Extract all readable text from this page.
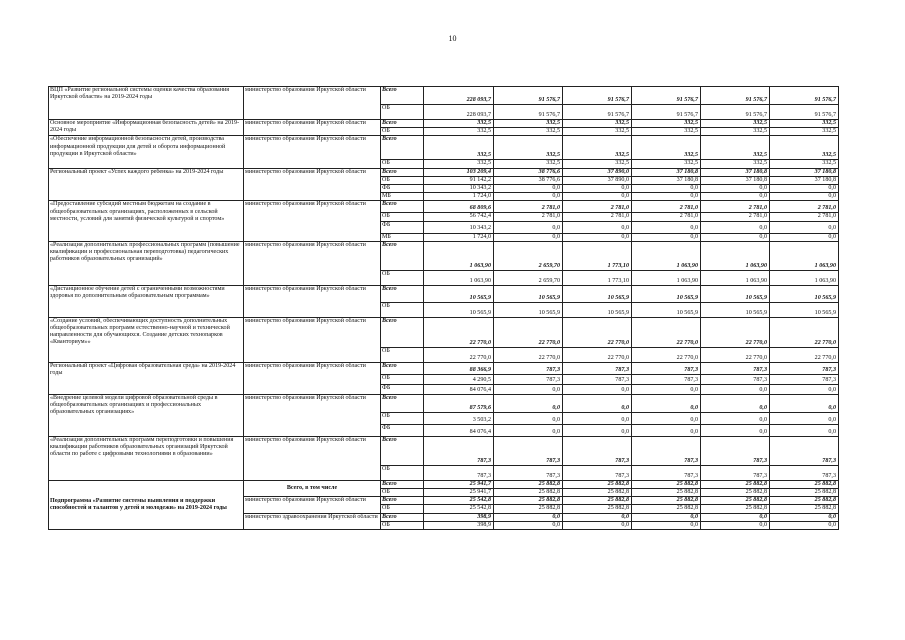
10
ВЦП «Развитие региональной системы оценки качества образования Иркутской области» на 2019-2024 годы	министерство образования Иркутской области	Всего	228 093,7	91 576,7	91 576,7	91 576,7	91 576,7	91 576,7
		ОБ	228 093,7	91 576,7	91 576,7	91 576,7	91 576,7	91 576,7
Основное мероприятие «Информационная безопасность детей» на 2019-2024 годы	министерство образования Иркутской области	Всего	332,5	332,5	332,5	332,5	332,5	332,5
		ОБ	332,5	332,5	332,5	332,5	332,5	332,5
«Обеспечение информационной безопасности детей, производства информационной продукции для детей и оборота информационной продукции в Иркутской области»	министерство образования Иркутской области	Всего	332,5	332,5	332,5	332,5	332,5	332,5
		ОБ	332,5	332,5	332,5	332,5	332,5	332,5
Региональный проект «Успех каждого ребенка» на 2019-2024 годы	министерство образования Иркутской области	Всего	103 209,4	38 776,6	37 890,0	37 180,8	37 180,8	37 180,8
		ОБ	91 142,2	38 776,6	37 890,0	37 180,8	37 180,8	37 180,8
		ФБ	10 343,2	0,0	0,0	0,0	0,0	0,0
		МБ	1 724,0	0,0	0,0	0,0	0,0	0,0
«Предоставление субсидий местным бюджетам на создание в общеобразовательных организациях, расположенных в сельской местности, условий для занятий физической культурой и спортом»	министерство образования Иркутской области	Всего	68 809,6	2 781,0	2 781,0	2 781,0	2 781,0	2 781,0
		ОБ	56 742,4	2 781,0	2 781,0	2 781,0	2 781,0	2 781,0
		ФБ	10 343,2	0,0	0,0	0,0	0,0	0,0
		МБ	1 724,0	0,0	0,0	0,0	0,0	0,0
«Реализация дополнительных профессиональных программ (повышение квалификации и профессиональная переподготовка) педагогических работников образовательных организаций»	министерство образования Иркутской области	Всего	1 063,90	2 659,70	1 773,10	1 063,90	1 063,90	1 063,90
		ОБ	1 063,90	2 659,70	1 773,10	1 063,90	1 063,90	1 063,90
«Дистанционное обучение детей с ограниченными возможностями здоровья по дополнительным образовательным программам»	министерство образования Иркутской области	Всего	10 565,9	10 565,9	10 565,9	10 565,9	10 565,9	10 565,9
		ОБ	10 565,9	10 565,9	10 565,9	10 565,9	10 565,9	10 565,9
«Создание условий, обеспечивающих доступность дополнительных общеобразовательных программ естественно-научной и технической направленности для обучающихся. Создание детских технопарков «Кванториум»»	министерство образования Иркутской области	Всего	22 770,0	22 770,0	22 770,0	22 770,0	22 770,0	22 770,0
		ОБ	22 770,0	22 770,0	22 770,0	22 770,0	22 770,0	22 770,0
Региональный проект «Цифровая образовательная среда» на 2019-2024 годы	министерство образования Иркутской области	Всего	88 366,9	787,3	787,3	787,3	787,3	787,3
		ОБ	4 290,5	787,3	787,3	787,3	787,3	787,3
		ФБ	84 076,4	0,0	0,0	0,0	0,0	0,0
«Внедрение целевой модели цифровой образовательной среды в общеобразовательных организациях и профессиональных образовательных организациях»	министерство образования Иркутской области	Всего	87 579,6	0,0	0,0	0,0	0,0	0,0
		ОБ	3 503,2	0,0	0,0	0,0	0,0	0,0
		ФБ	84 076,4	0,0	0,0	0,0	0,0	0,0
«Реализация дополнительных программ переподготовки и повышения квалификации работников образовательных организаций Иркутской области по работе с цифровыми технологиями в образовании»	министерство образования Иркутской области	Всего	787,3	787,3	787,3	787,3	787,3	787,3
		ОБ	787,3	787,3	787,3	787,3	787,3	787,3
Подпрограмма «Развитие системы выявления и поддержки способностей и талантов у детей и молодежи» на 2019-2024 годы	Всего, в том числе	Всего	25 941,7	25 882,8	25 882,8	25 882,8	25 882,8	25 882,8
		ОБ	25 941,7	25 882,8	25 882,8	25 882,8	25 882,8	25 882,8
	министерство образования Иркутской области	Всего	25 542,8	25 882,8	25 882,8	25 882,8	25 882,8	25 882,8
		ОБ	25 542,8	25 882,8	25 882,8	25 882,8	25 882,8	25 882,8
	министерство здравоохранения Иркутской области	Всего	398,9	0,0	0,0	0,0	0,0	0,0
		ОБ	398,9	0,0	0,0	0,0	0,0	0,0
